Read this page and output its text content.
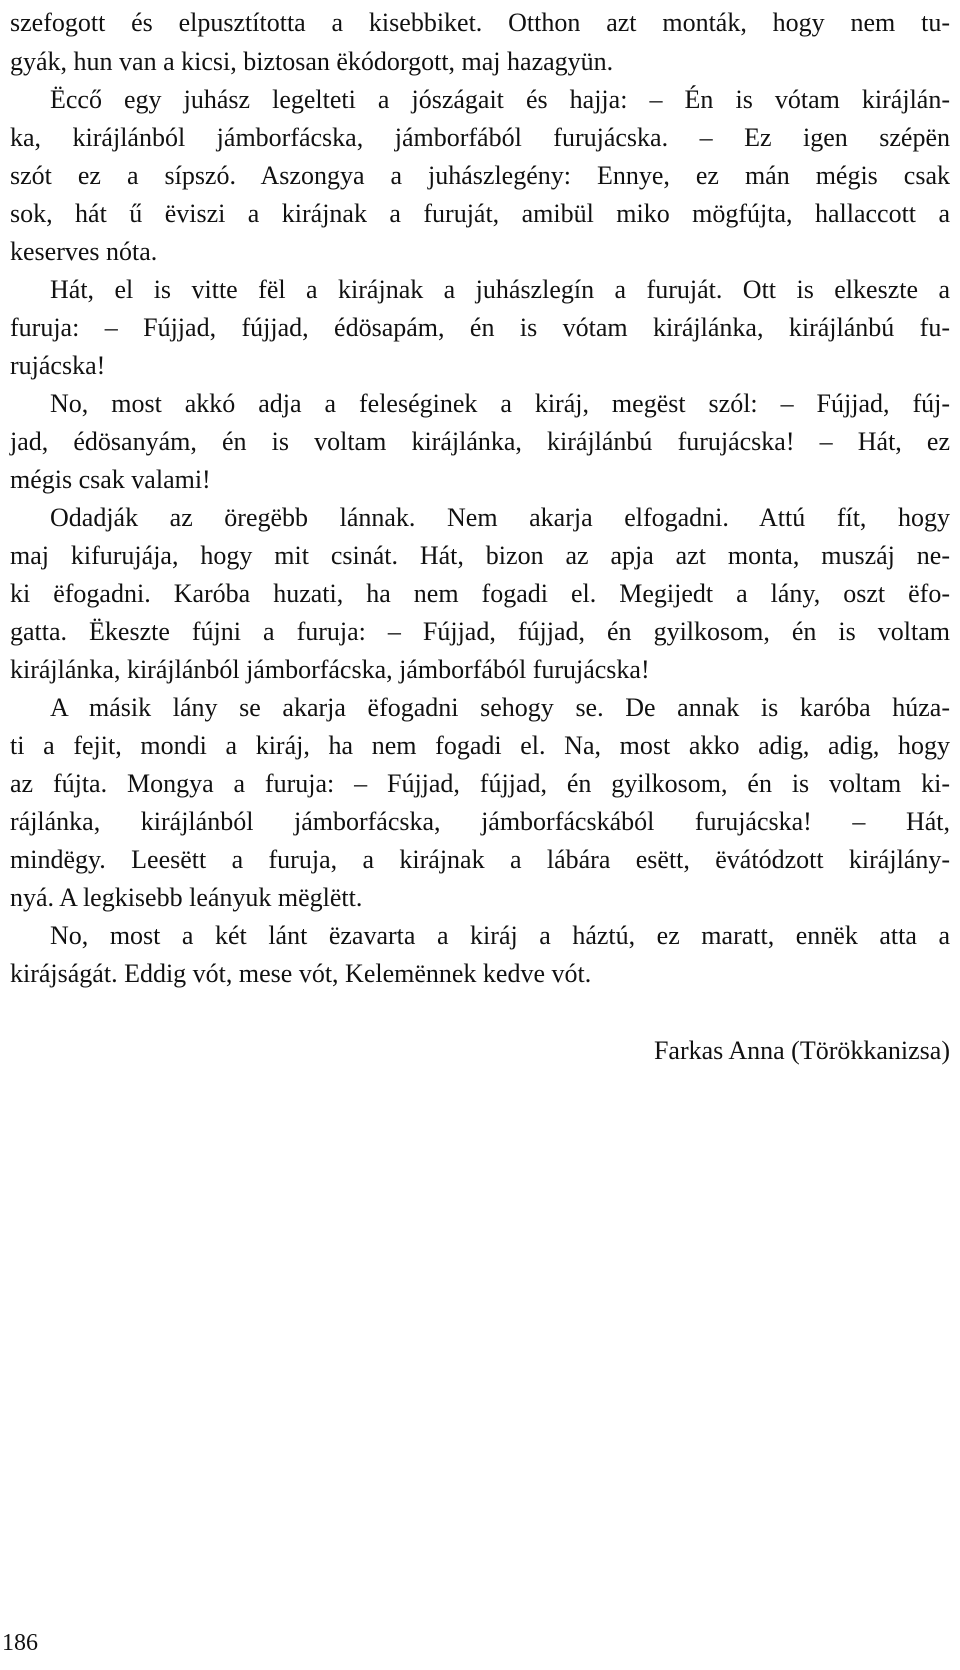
szefogott és elpusztította a kisebbiket. Otthon azt monták, hogy nem tu-
gyák, hun van a kicsi, biztosan ëkódorgott, maj hazagyün.
Ëccő egy juhász legelteti a jószágait és hajja: – Én is vótam kirájlán-
ka, kirájlánból jámborfácska, jámborfából furujácska. – Ez igen szépën
szót ez a sípszó. Aszongya a juhászlegény: Ennye, ez mán mégis csak
sok, hát ű ëviszi a kirájnak a furuját, amibül miko mögfújta, hallaccott a
keserves nóta.
Hát, el is vitte fël a kirájnak a juhászlegín a furuját. Ott is elkeszte a
furuja: – Fújjad, fújjad, édösapám, én is vótam kirájlánka, kirájlánbú fu-
rujácska!
No, most akkó adja a feleséginek a kiráj, megëst szól: – Fújjad, fúj-
jad, édösanyám, én is voltam kirájlánka, kirájlánbú furujácska! – Hát, ez
mégis csak valami!
Odadják az öregëbb lánnak. Nem akarja elfogadni. Attú fít, hogy
maj kifurujája, hogy mit csinát. Hát, bizon az apja azt monta, muszáj ne-
ki ëfogadni. Karóba huzati, ha nem fogadi el. Megijedt a lány, oszt ëfo-
gatta. Ëkeszte fújni a furuja: – Fújjad, fújjad, én gyilkosom, én is voltam
kirájlánka, kirájlánból jámborfácska, jámborfából furujácska!
A másik lány se akarja ëfogadni sehogy se. De annak is karóba húza-
ti a fejit, mondi a kiráj, ha nem fogadi el. Na, most akko adig, adig, hogy
az fújta. Mongya a furuja: – Fújjad, fújjad, én gyilkosom, én is voltam ki-
rájlánka, kirájlánból jámborfácska, jámborfácskából furujácska! – Hát,
mindëgy. Leesëtt a furuja, a kirájnak a lábára esëtt, ëvátódzott kirájlány-
nyá. A legkisebb leányuk mëglëtt.
No, most a két lánt ëzavarta a kiráj a háztú, ez maratt, ennëk atta a
kirájságát. Eddig vót, mese vót, Kelemënnek kedve vót.
Farkas Anna (Törökkanizsa)
186
